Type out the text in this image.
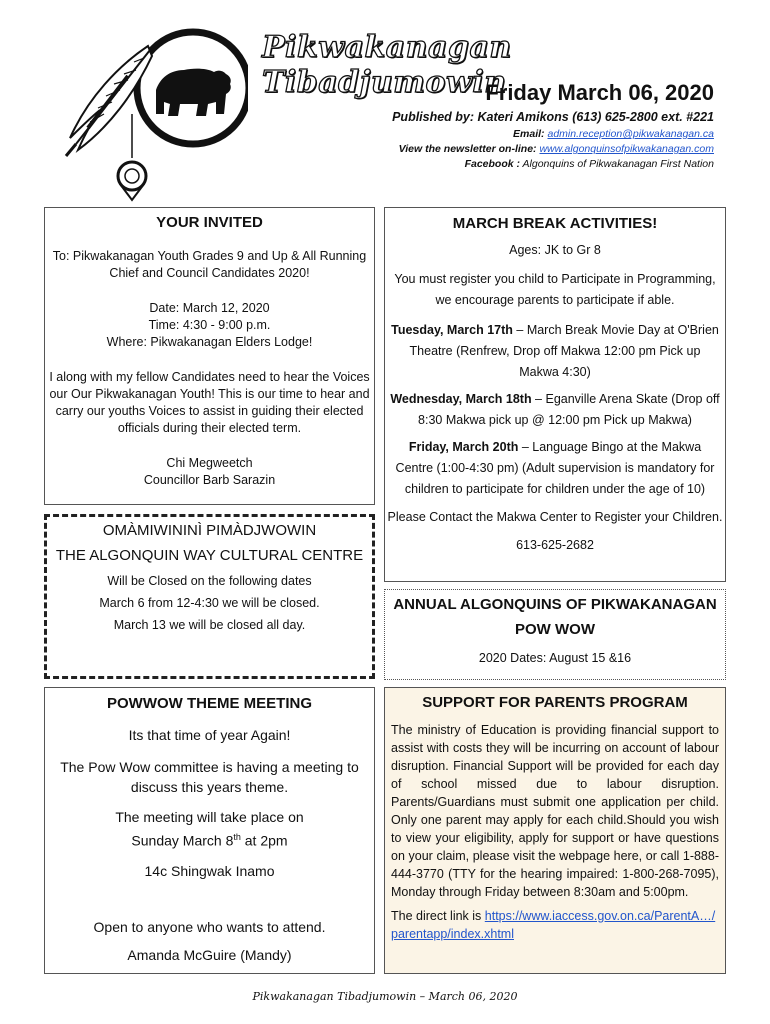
Pikwakanagan Tibadjumowin
Friday March 06, 2020
Published by: Kateri Amikons (613) 625-2800 ext. #221
Email: admin.reception@pikwakanagan.ca
View the newsletter on-line: www.algonquinsofpikwakanagan.com
Facebook : Algonquins of Pikwakanagan First Nation
YOUR INVITED

To: Pikwakanagan Youth Grades 9 and Up & All Running Chief and Council Candidates 2020!

Date: March 12, 2020

Time: 4:30 - 9:00 p.m.

Where: Pikwakanagan Elders Lodge!

I along with my fellow Candidates need to hear the Voices our Our Pikwakanagan Youth! This is our time to hear and carry our youths Voices to assist in guiding their elected officials during their elected term.

Chi Megweetch

Councillor Barb Sarazin

MARCH BREAK ACTIVITIES!

Ages: JK to Gr 8

You must register you child to Participate in Programming, we encourage parents to participate if able.

Tuesday, March 17th – March Break Movie Day at O'Brien Theatre (Renfrew, Drop off Makwa 12:00 pm Pick up Makwa 4:30)

Wednesday, March 18th – Eganville Arena Skate (Drop off 8:30 Makwa pick up @ 12:00 pm Pick up Makwa)

Friday, March 20th – Language Bingo at the Makwa Centre (1:00-4:30 pm) (Adult supervision is mandatory for children to participate for children under the age of 10)

Please Contact the Makwa Center to Register your Children.

613-625-2682

OMÀMIWININÌ PIMÀDJWOWIN

THE ALGONQUIN WAY CULTURAL CENTRE

Will be Closed on the following dates

March 6 from 12-4:30 we will be closed.

March 13 we will be closed all day.

ANNUAL ALGONQUINS OF PIKWAKANAGAN
POW WOW

2020 Dates: August 15 &16

POWWOW THEME MEETING

Its that time of year Again!

The Pow Wow committee is having a meeting to discuss this years theme.

The meeting will take place on

Sunday March 8th at 2pm

14c Shingwak Inamo

Open to anyone who wants to attend.

Amanda McGuire (Mandy)

SUPPORT FOR PARENTS PROGRAM

The ministry of Education is providing financial support to assist with costs they will be incurring on account of labour disruption. Financial Support will be provided for each day of school missed due to labour disruption. Parents/Guardians must submit one application per child. Only one parent may apply for each child.Should you wish to view your eligibility, apply for support or have questions on your claim, please visit the webpage here, or call 1-888-444-3770 (TTY for the hearing impaired: 1-800-268-7095), Monday through Friday between 8:30am and 5:00pm.

The direct link is https://www.iaccess.gov.on.ca/ParentA…/parentapp/index.xhtml

Pikwakanagan Tibadjumowin – March 06, 2020
